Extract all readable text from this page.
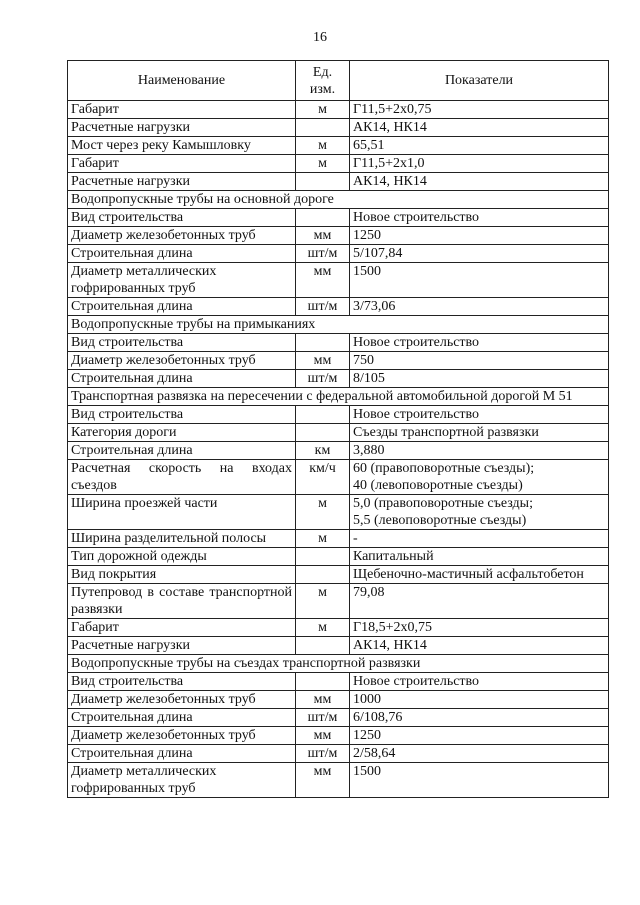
16
Наименование	Ед. изм.	Показатели
Габарит	м	Г11,5+2х0,75
Расчетные нагрузки		АК14, НК14
Мост через реку Камышловку	м	65,51
Габарит	м	Г11,5+2х1,0
Расчетные нагрузки		АК14, НК14
Водопропускные трубы на основной дороге		
Вид строительства		Новое строительство
Диаметр железобетонных труб	мм	1250
Строительная длина	шт/м	5/107,84
Диаметр металлических гофрированных труб	мм	1500
Строительная длина	шт/м	3/73,06
Водопропускные трубы на примыканиях		
Вид строительства		Новое строительство
Диаметр железобетонных труб	мм	750
Строительная длина	шт/м	8/105
Транспортная развязка на пересечении с федеральной автомобильной дорогой М 51		
Вид строительства		Новое строительство
Категория дороги		Съезды транспортной развязки
Строительная длина	км	3,880
Расчетная скорость на входах съездов	км/ч	60 (правоповоротные съезды);
40 (левоповоротные съезды)
Ширина проезжей части	м	5,0 (правоповоротные съезды;
5,5 (левоповоротные съезды)
Ширина разделительной полосы	м	-
Тип дорожной одежды		Капитальный
Вид покрытия		Щебеночно-мастичный асфальтобетон
Путепровод в составе транспортной развязки	м	79,08
Габарит	м	Г18,5+2х0,75
Расчетные нагрузки		АК14, НК14
Водопропускные трубы на съездах транспортной развязки		
Вид строительства		Новое строительство
Диаметр железобетонных труб	мм	1000
Строительная длина	шт/м	6/108,76
Диаметр железобетонных труб	мм	1250
Строительная длина	шт/м	2/58,64
Диаметр металлических гофрированных труб	мм	1500
